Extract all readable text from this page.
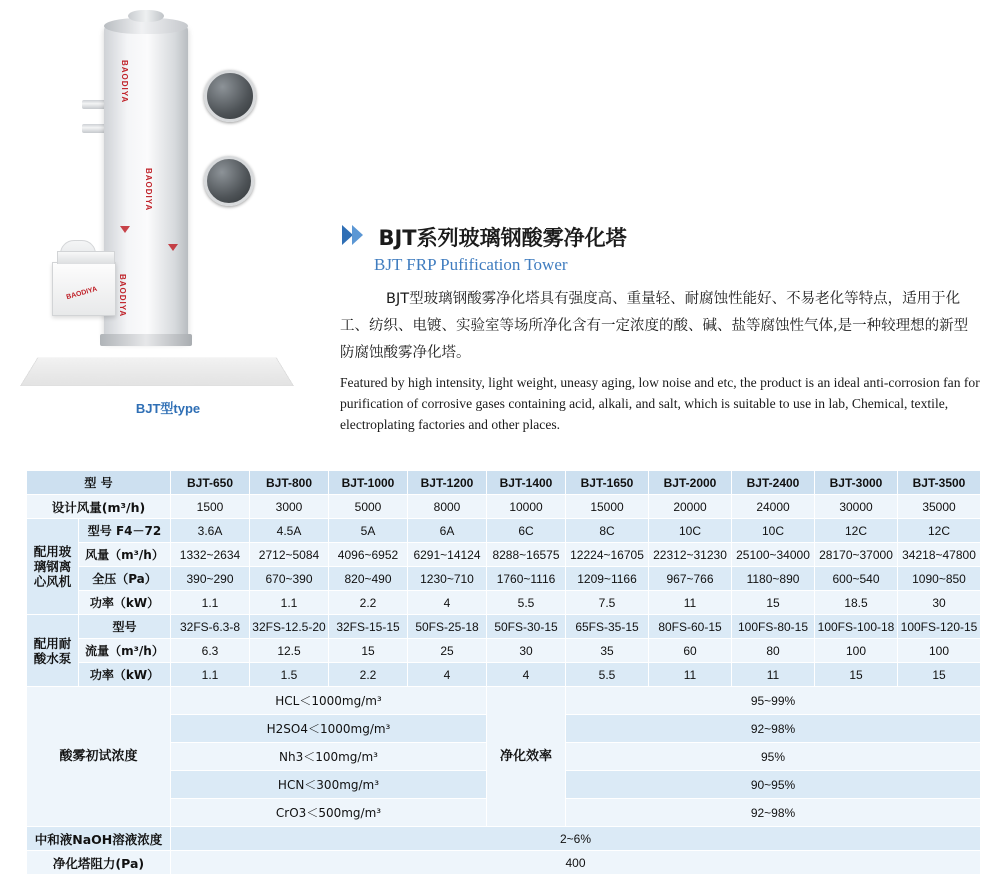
BAODIYA
BAODIYA
BAODIYA
BAODIYA
BJT型type
BJT系列玻璃钢酸雾净化塔
BJT FRP Pufification Tower
BJT型玻璃钢酸雾净化塔具有强度高、重量轻、耐腐蚀性能好、不易老化等特点，适用于化工、纺织、电镀、实验室等场所净化含有一定浓度的酸、碱、盐等腐蚀性气体,是一种较理想的新型防腐蚀酸雾净化塔。
Featured by high intensity, light weight, uneasy aging, low noise and etc, the product is an ideal anti-corrosion fan for purification of corrosive gases containing acid, alkali, and salt, which is suitable to use in lab, Chemical, textile, electroplating factories and other places.
型 号		BJT-650	BJT-800	BJT-1000	BJT-1200	BJT-1400	BJT-1650	BJT-2000	BJT-2400	BJT-3000	BJT-3500
设计风量(m³/h)		1500	3000	5000	8000	10000	15000	20000	24000	30000	35000
配用玻璃钢离心风机	型号 F4－72	3.6A	4.5A	5A	6A	6C	8C	10C	10C	12C	12C
	风量（m³/h）	1332~2634	2712~5084	4096~6952	6291~14124	8288~16575	12224~16705	22312~31230	25100~34000	28170~37000	34218~47800
	全压（Pa）	390~290	670~390	820~490	1230~710	1760~1116	1209~1166	967~766	1180~890	600~540	1090~850
	功率（kW）	1.1	1.1	2.2	4	5.5	7.5	11	15	18.5	30
配用耐酸水泵	型号	32FS-6.3-8	32FS-12.5-20	32FS-15-15	50FS-25-18	50FS-30-15	65FS-35-15	80FS-60-15	100FS-80-15	100FS-100-18	100FS-120-15
	流量（m³/h）	6.3	12.5	15	25	30	35	60	80	100	100
	功率（kW）	1.1	1.5	2.2	4	4	5.5	11	11	15	15
酸雾初试浓度		HCL＜1000mg/m³				净化效率	95~99%				
		H2SO4＜1000mg/m³					92~98%				
		Nh3＜100mg/m³					95%				
		HCN＜300mg/m³					90~95%				
		CrO3＜500mg/m³					92~98%				
中和液NaOH溶液浓度		2~6%									
净化塔阻力(Pa)		400									
